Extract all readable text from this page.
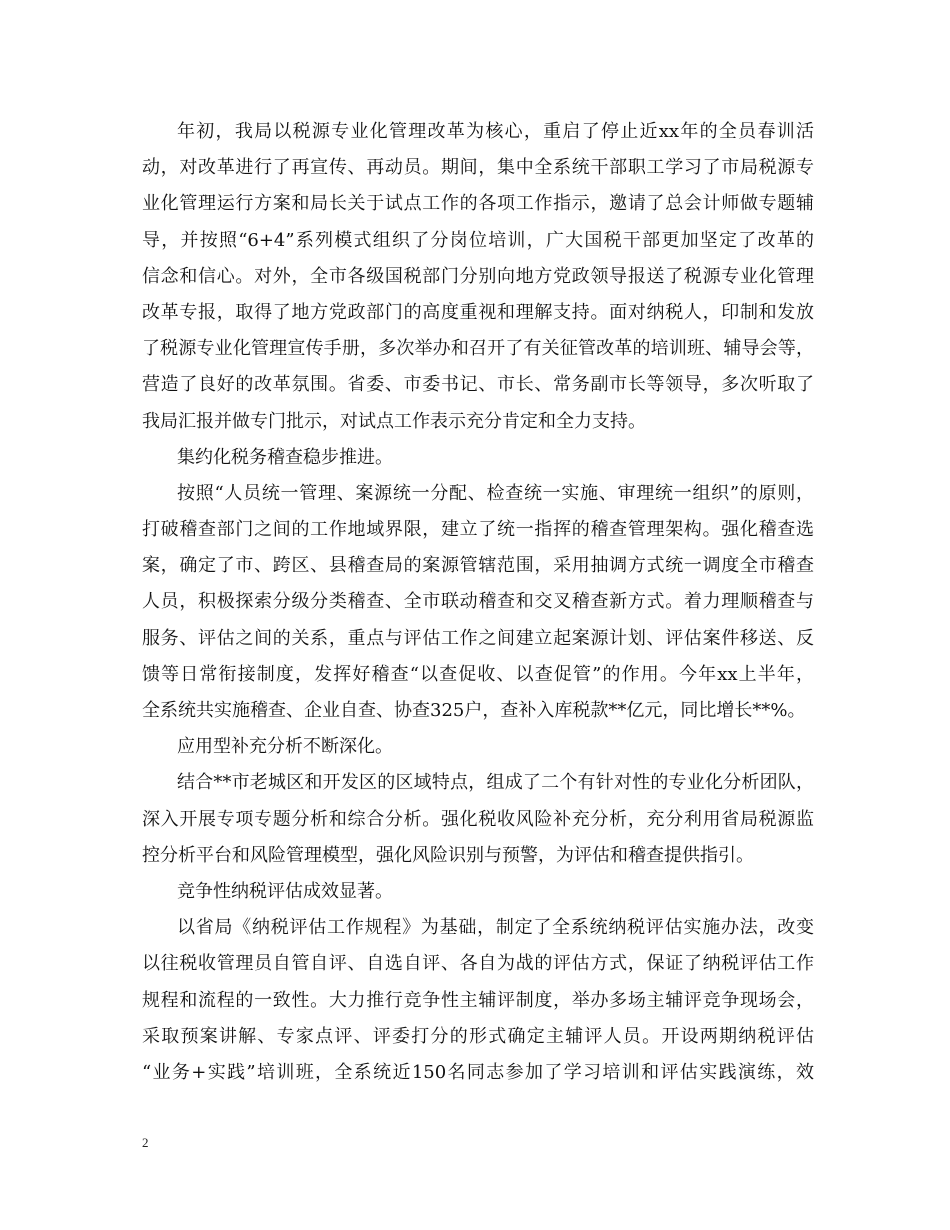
年初，我局以税源专业化管理改革为核心，重启了停止近xx年的全员春训活
动，对改革进行了再宣传、再动员。期间，集中全系统干部职工学习了市局税源专
业化管理运行方案和局长关于试点工作的各项工作指示，邀请了总会计师做专题辅
导，并按照“6+4”系列模式组织了分岗位培训，广大国税干部更加坚定了改革的
信念和信心。对外，全市各级国税部门分别向地方党政领导报送了税源专业化管理
改革专报，取得了地方党政部门的高度重视和理解支持。面对纳税人，印制和发放
了税源专业化管理宣传手册，多次举办和召开了有关征管改革的培训班、辅导会等，
营造了良好的改革氛围。省委、市委书记、市长、常务副市长等领导，多次听取了
我局汇报并做专门批示，对试点工作表示充分肯定和全力支持。
集约化税务稽查稳步推进。
按照“人员统一管理、案源统一分配、检查统一实施、审理统一组织”的原则，
打破稽查部门之间的工作地域界限，建立了统一指挥的稽查管理架构。强化稽查选
案，确定了市、跨区、县稽查局的案源管辖范围，采用抽调方式统一调度全市稽查
人员，积极探索分级分类稽查、全市联动稽查和交叉稽查新方式。着力理顺稽查与
服务、评估之间的关系，重点与评估工作之间建立起案源计划、评估案件移送、反
馈等日常衔接制度，发挥好稽查“以查促收、以查促管”的作用。今年xx上半年，
全系统共实施稽查、企业自查、协查325户，查补入库税款**亿元，同比增长**%。
应用型补充分析不断深化。
结合**市老城区和开发区的区域特点，组成了二个有针对性的专业化分析团队，
深入开展专项专题分析和综合分析。强化税收风险补充分析，充分利用省局税源监
控分析平台和风险管理模型，强化风险识别与预警，为评估和稽查提供指引。
竞争性纳税评估成效显著。
以省局《纳税评估工作规程》为基础，制定了全系统纳税评估实施办法，改变
以往税收管理员自管自评、自选自评、各自为战的评估方式，保证了纳税评估工作
规程和流程的一致性。大力推行竞争性主辅评制度，举办多场主辅评竞争现场会，
采取预案讲解、专家点评、评委打分的形式确定主辅评人员。开设两期纳税评估
“业务+实践”培训班，全系统近150名同志参加了学习培训和评估实践演练，效
2
